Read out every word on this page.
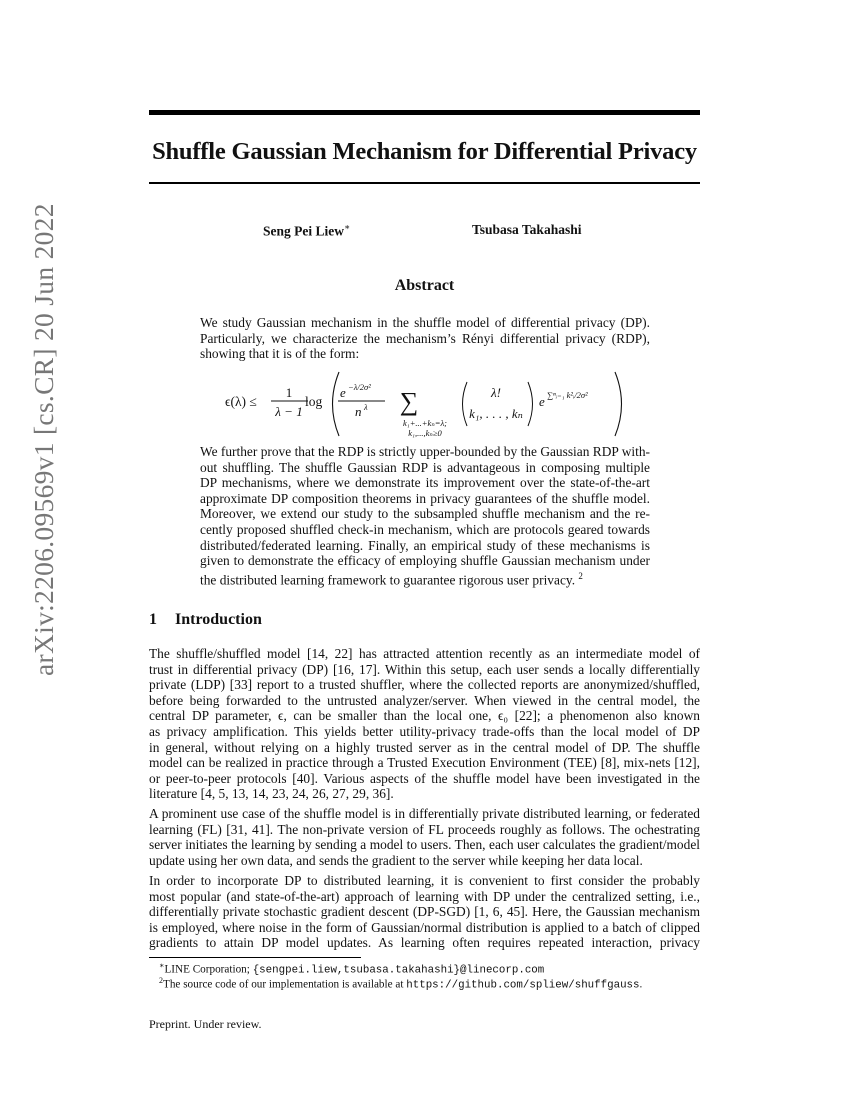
Shuffle Gaussian Mechanism for Differential Privacy
Seng Pei Liew∗	Tsubasa Takahashi
Abstract
We study Gaussian mechanism in the shuffle model of differential privacy (DP).
Particularly, we characterize the mechanism’s Rényi differential privacy (RDP),
showing that it is of the form:
ϵ(λ) ≤
1
λ − 1
log
e −λ/2σ²
n λ ∑
k₁+...+kₙ=λ;
k₁,...,kₙ≥0
λ!
k₁, . . . , kₙ
e ∑ⁿᵢ₌₁ k²ᵢ/2σ²
We further prove that the RDP is strictly upper-bounded by the Gaussian RDP with-
out shuffling. The shuffle Gaussian RDP is advantageous in composing multiple
DP mechanisms, where we demonstrate its improvement over the state-of-the-art
approximate DP composition theorems in privacy guarantees of the shuffle model.
Moreover, we extend our study to the subsampled shuffle mechanism and the re-
cently proposed shuffled check-in mechanism, which are protocols geared towards
distributed/federated learning. Finally, an empirical study of these mechanisms is
given to demonstrate the efficacy of employing shuffle Gaussian mechanism under
the distributed learning framework to guarantee rigorous user privacy. $^2$
1 Introduction
The shuffle/shuffled model [14, 22] has attracted attention recently as an intermediate model of
trust in differential privacy (DP) [16, 17]. Within this setup, each user sends a locally differentially
private (LDP) [33] report to a trusted shuffler, where the collected reports are anonymized/shuffled,
before being forwarded to the untrusted analyzer/server. When viewed in the central model, the
central DP parameter, ϵ, can be smaller than the local one, ϵ₀ [22]; a phenomenon also known
as privacy amplification. This yields better utility-privacy trade-offs than the local model of DP
in general, without relying on a highly trusted server as in the central model of DP. The shuffle
model can be realized in practice through a Trusted Execution Environment (TEE) [8], mix-nets [12],
or peer-to-peer protocols [40]. Various aspects of the shuffle model have been investigated in the
literature [4, 5, 13, 14, 23, 24, 26, 27, 29, 36].
A prominent use case of the shuffle model is in differentially private distributed learning, or federated
learning (FL) [31, 41]. The non-private version of FL proceeds roughly as follows. The ochestrating
server initiates the learning by sending a model to users. Then, each user calculates the gradient/model
update using her own data, and sends the gradient to the server while keeping her data local.
In order to incorporate DP to distributed learning, it is convenient to first consider the probably
most popular (and state-of-the-art) approach of learning with DP under the centralized setting, i.e.,
differentially private stochastic gradient descent (DP-SGD) [1, 6, 45]. Here, the Gaussian mechanism
is employed, where noise in the form of Gaussian/normal distribution is applied to a batch of clipped
gradients to attain DP model updates. As learning often requires repeated interaction, privacy
∗LINE Corporation; {sengpei.liew,tsubasa.takahashi}@linecorp.com
$^2$The source code of our implementation is available at https://github.com/spliew/shuffgauss.
Preprint. Under review.
arXiv:2206.09569v1 [cs.CR] 20 Jun 2022
